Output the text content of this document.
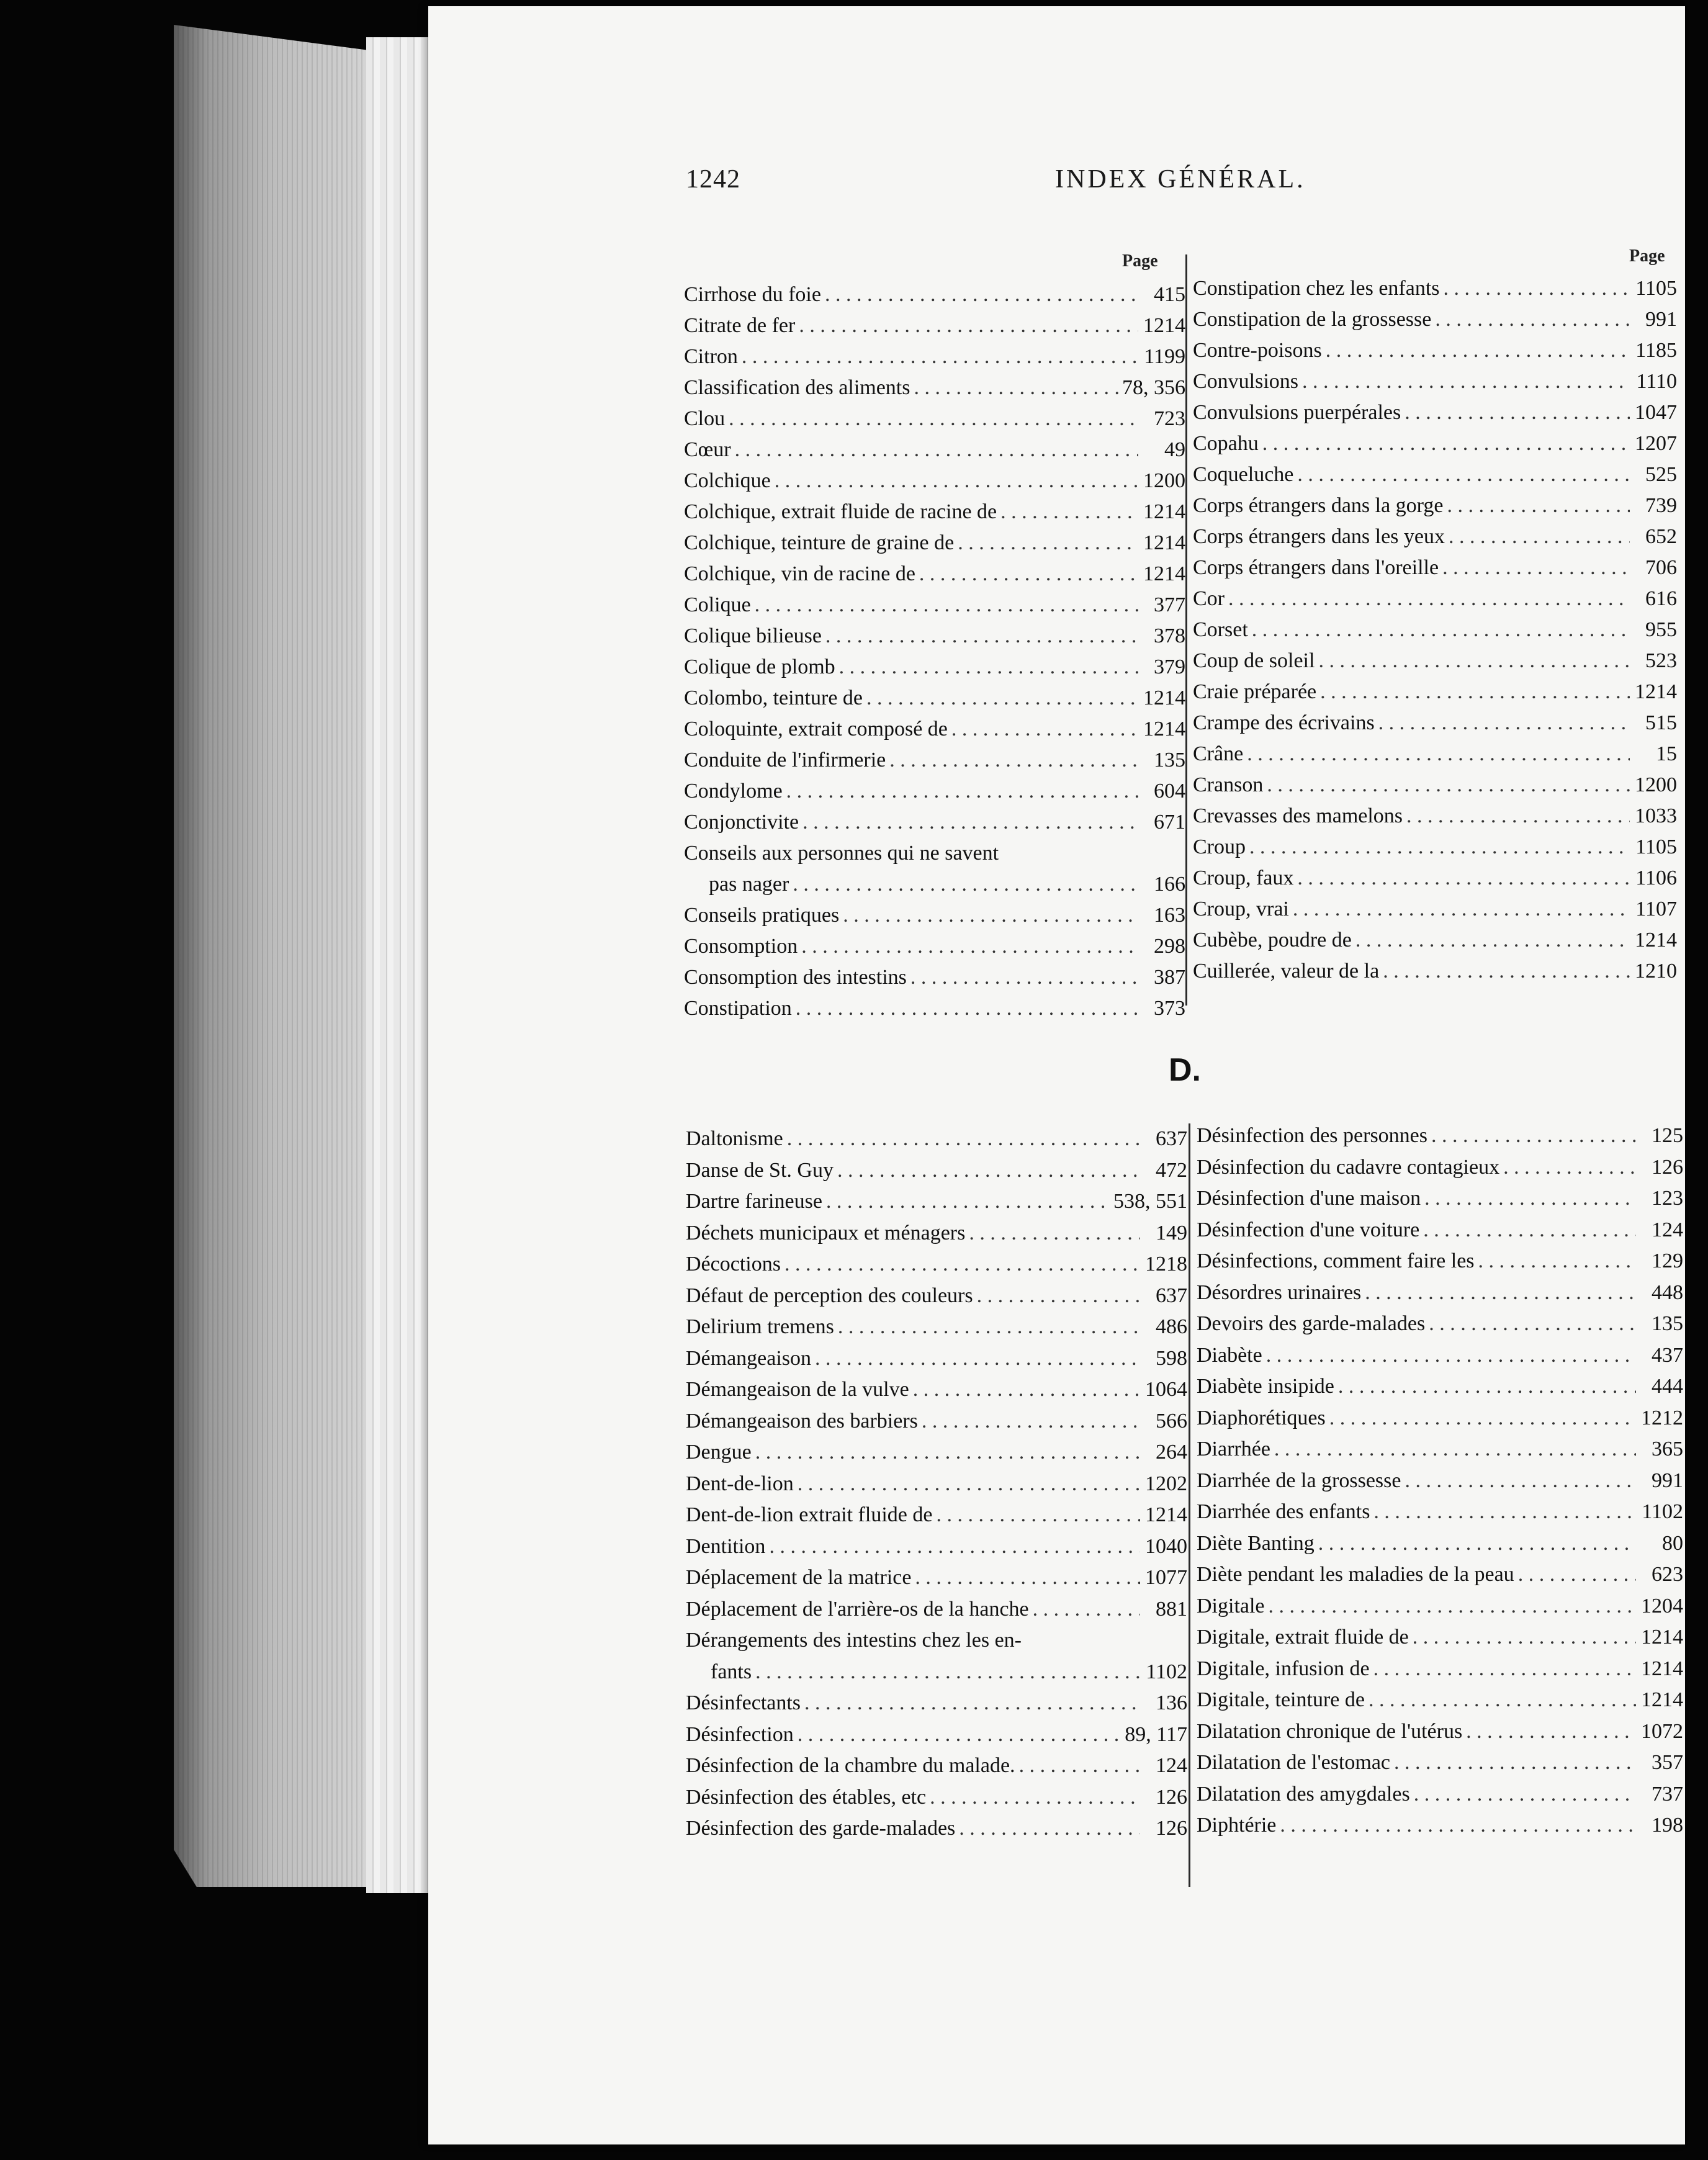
1242	INDEX GÉNÉRAL.
Page	Page
Cirrhose du foie . . .	415
Citrate de fer . . .	1214
Citron . . .	1199
Classification des aliments . . .	78, 356
Clou . . .	723
Cœur . . .	49
Colchique . . .	1200
Colchique, extrait fluide de racine de . . .	1214
Colchique, teinture de graine de . . .	1214
Colchique, vin de racine de . . .	1214
Colique . . .	377
Colique bilieuse . . .	378
Colique de plomb . . .	379
Colombo, teinture de . . .	1214
Coloquinte, extrait composé de . . .	1214
Conduite de l'infirmerie . . .	135
Condylome . . .	604
Conjonctivite . . .	671
Conseils aux personnes qui ne savent
pas nager . . .	166
Conseils pratiques . . .	163
Consomption . . .	298
Consomption des intestins . . .	387
Constipation . . .	373
Constipation chez les enfants . . .	1105
Constipation de la grossesse . . .	991
Contre-poisons . . .	1185
Convulsions . . .	1110
Convulsions puerpérales . . .	1047
Copahu . . .	1207
Coqueluche . . .	525
Corps étrangers dans la gorge . . .	739
Corps étrangers dans les yeux . . .	652
Corps étrangers dans l'oreille . . .	706
Cor . . .	616
Corset . . .	955
Coup de soleil . . .	523
Craie préparée . . .	1214
Crampe des écrivains . . .	515
Crâne . . .	15
Cranson . . .	1200
Crevasses des mamelons . . .	1033
Croup . . .	1105
Croup, faux . . .	1106
Croup, vrai . . .	1107
Cubèbe, poudre de . . .	1214
Cuillerée, valeur de la . . .	1210
D.
Daltonisme . . .	637
Danse de St. Guy . . .	472
Dartre farineuse . . .	538, 551
Déchets municipaux et ménagers . . .	149
Décoctions . . .	1218
Défaut de perception des couleurs . . .	637
Delirium tremens . . .	486
Démangeaison . . .	598
Démangeaison de la vulve . . .	1064
Démangeaison des barbiers . . .	566
Dengue . . .	264
Dent-de-lion . . .	1202
Dent-de-lion extrait fluide de . . .	1214
Dentition . . .	1040
Déplacement de la matrice . . .	1077
Déplacement de l'arrière-os de la hanche . . .	881
Dérangements des intestins chez les en-
fants . . .	1102
Désinfectants . . .	136
Désinfection . . .	89, 117
Désinfection de la chambre du malade. . . .	124
Désinfection des étables, etc . . .	126
Désinfection des garde-malades . . .	126
Désinfection des personnes . . .	125
Désinfection du cadavre contagieux . . .	126
Désinfection d'une maison . . .	123
Désinfection d'une voiture . . .	124
Désinfections, comment faire les . . .	129
Désordres urinaires . . .	448
Devoirs des garde-malades . . .	135
Diabète . . .	437
Diabète insipide . . .	444
Diaphorétiques . . .	1212
Diarrhée . . .	365
Diarrhée de la grossesse . . .	991
Diarrhée des enfants . . .	1102
Diète Banting . . .	80
Diète pendant les maladies de la peau . . .	623
Digitale . . .	1204
Digitale, extrait fluide de . . .	1214
Digitale, infusion de . . .	1214
Digitale, teinture de . . .	1214
Dilatation chronique de l'utérus . . .	1072
Dilatation de l'estomac . . .	357
Dilatation des amygdales . . .	737
Diphtérie . . .	198
